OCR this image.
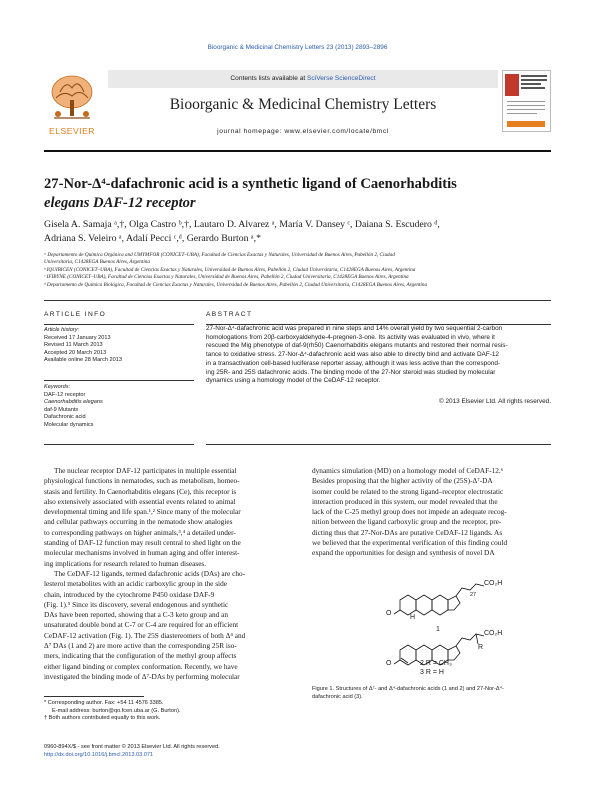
Bioorganic & Medicinal Chemistry Letters 23 (2013) 2893–2896
ELSEVIER
Contents lists available at SciVerse ScienceDirect
Bioorganic & Medicinal Chemistry Letters
journal homepage: www.elsevier.com/locate/bmcl
27-Nor-Δ⁴-dafachronic acid is a synthetic ligand of Caenorhabditis
elegans DAF-12 receptor
Gisela A. Samaja ᵃ,†, Olga Castro ᵇ,†, Lautaro D. Alvarez ᵃ, María V. Dansey ᶜ, Daiana S. Escudero ᵈ,
Adriana S. Veleiro ᵃ, Adalí Pecci ᶜ,ᵈ, Gerardo Burton ᵃ,*
ᵃ Departamento de Química Orgánica and UMYMFOR (CONICET–UBA), Facultad de Ciencias Exactas y Naturales, Universidad de Buenos Aires, Pabellón 2, Ciudad
Universitaria, C1428EGA Buenos Aires, Argentina
ᵇ IQUIBICEN (CONICET–UBA), Facultad de Ciencias Exactas y Naturales, Universidad de Buenos Aires, Pabellón 2, Ciudad Universitaria, C1428EGA Buenos Aires, Argentina
ᶜ IFIBYNE (CONICET–UBA), Facultad de Ciencias Exactas y Naturales, Universidad de Buenos Aires, Pabellón 2, Ciudad Universitaria, C1428EGA Buenos Aires, Argentina
ᵈ Departamento de Química Biológica, Facultad de Ciencias Exactas y Naturales, Universidad de Buenos Aires, Pabellón 2, Ciudad Universitaria, C1428EGA Buenos Aires, Argentina
ARTICLE INFO
Article history:
Received 17 January 2013
Revised 11 March 2013
Accepted 20 March 2013
Available online 28 March 2013
Keywords:
DAF-12 receptor
Caenorhabditis elegans
daf-9 Mutants
Dafachronic acid
Molecular dynamics
ABSTRACT
27-Nor-Δ⁴-dafachronic acid was prepared in nine steps and 14% overall yield by two sequential 2-carbon
homologations from 20β-carboxyaldehyde-4-pregnen-3-one. Its activity was evaluated in vivo, where it
rescued the Mig phenotype of daf-9(rh50) Caenorhabditis elegans mutants and restored their normal resis-
tance to oxidative stress. 27-Nor-Δ⁴-dafachronic acid was also able to directly bind and activate DAF-12
in a transactivation cell-based luciferase reporter assay, although it was less active than the correspond-
ing 25R- and 25S dafachronic acids. The binding mode of the 27-Nor steroid was studied by molecular
dynamics using a homology model of the CeDAF-12 receptor.
© 2013 Elsevier Ltd. All rights reserved.
The nuclear receptor DAF-12 participates in multiple essential
physiological functions in nematodes, such as metabolism, homeo-
stasis and fertility. In Caenorhabditis elegans (Ce), this receptor is
also extensively associated with essential events related to animal
developmental timing and life span.¹,² Since many of the molecular
and cellular pathways occurring in the nematode show analogies
to corresponding pathways on higher animals,³,⁴ a detailed under-
standing of DAF-12 function may result central to shed light on the
molecular mechanisms involved in human aging and offer interest-
ing implications for research related to human diseases.
The CeDAF-12 ligands, termed dafachronic acids (DAs) are cho-
lesterol metabolites with an acidic carboxylic group in the side
chain, introduced by the cytochrome P450 oxidase DAF-9
(Fig. 1).⁵ Since its discovery, several endogenous and synthetic
DAs have been reported, showing that a C-3 keto group and an
unsaturated double bond at C-7 or C-4 are required for an efficient
CeDAF-12 activation (Fig. 1). The 25S diastereomers of both Δ⁴ and
Δ⁷ DAs (1 and 2) are more active than the corresponding 25R iso-
mers, indicating that the configuration of the methyl group affects
either ligand binding or complex conformation. Recently, we have
investigated the binding mode of Δ⁷-DAs by performing molecular
dynamics simulation (MD) on a homology model of CeDAF-12.⁶
Besides proposing that the higher activity of the (25S)-Δ⁷-DA
isomer could be related to the strong ligand–receptor electrostatic
interaction produced in this system, our model revealed that the
lack of the C-25 methyl group does not impede an adequate recog-
nition between the ligand carboxylic group and the receptor, pre-
dicting thus that 27-Nor-DAs are putative CeDAF-12 ligands. As
we believed that the experimental verification of this finding could
expand the opportunities for design and synthesis of novel DA
CO₂H
27
H
O
1
CO₂H
R
O	2 R = CH₃
3 R = H
Figure 1. Structures of Δ⁷- and Δ⁴-dafachronic acids (1 and 2) and 27-Nor-Δ⁴-
dafachronic acid (3).
* Corresponding author. Fax: +54 11 4576 3385.
E-mail address: burton@qo.fcen.uba.ar (G. Burton).
† Both authors contributed equally to this work.
0960-894X/$ - see front matter © 2013 Elsevier Ltd. All rights reserved.
http://dx.doi.org/10.1016/j.bmcl.2013.03.071
